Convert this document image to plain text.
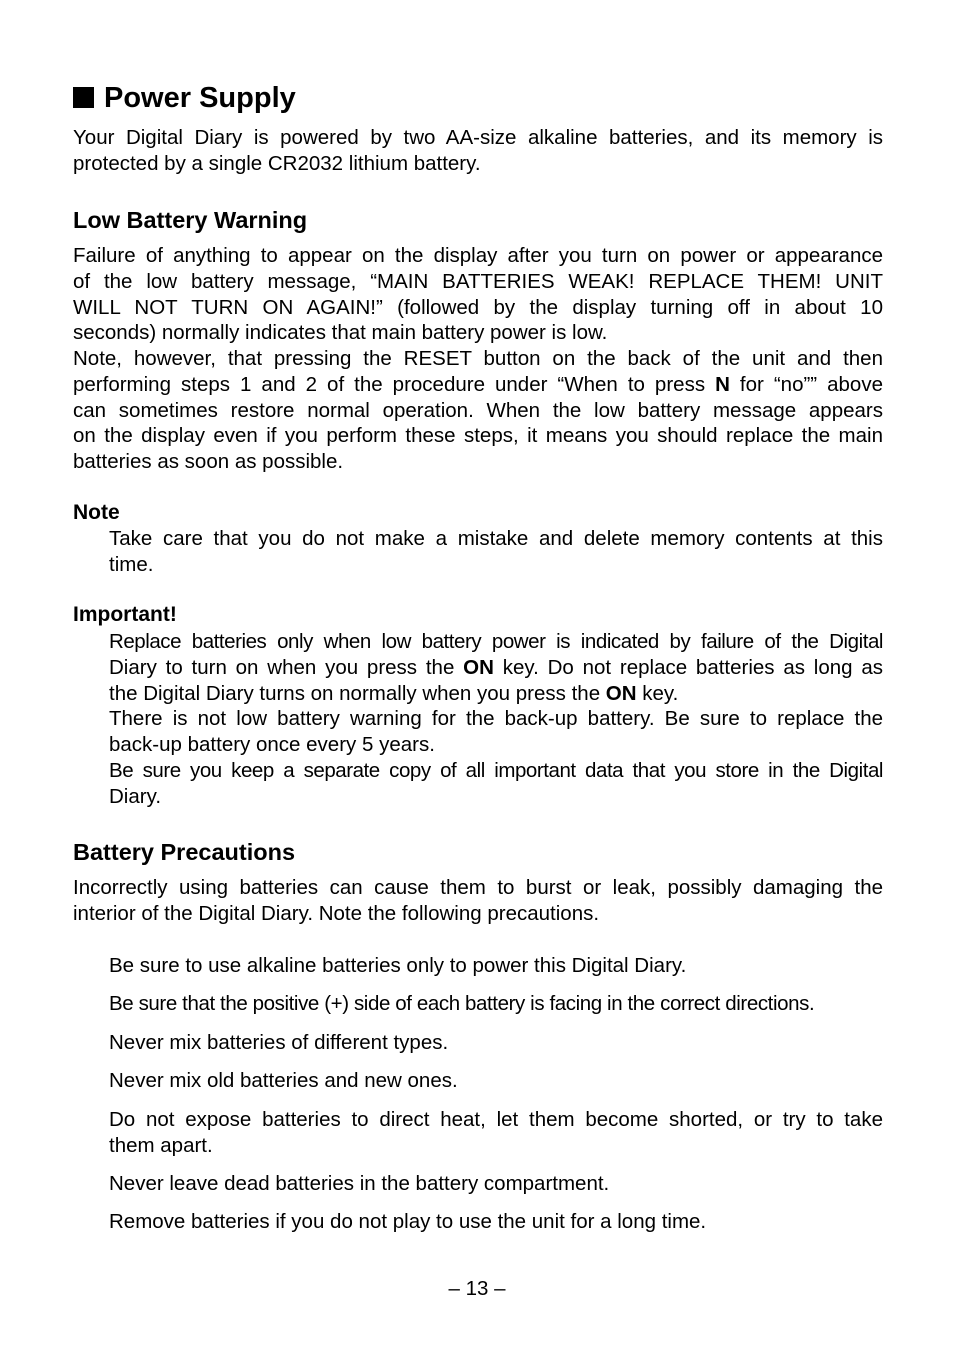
Power Supply
Your Digital Diary is powered by two AA-size alkaline batteries, and its memory is
protected by a single CR2032 lithium battery.
Low Battery Warning
Failure of anything to appear on the display after you turn on power or appearance
of the low battery message, “MAIN BATTERIES WEAK! REPLACE THEM! UNIT
WILL NOT TURN ON AGAIN!” (followed by the display turning off in about 10
seconds) normally indicates that main battery power is low.
Note, however, that pressing the RESET button on the back of the unit and then
performing steps 1 and 2 of the procedure under “When to press N for “no”” above
can sometimes restore normal operation. When the low battery message appears
on the display even if you perform these steps, it means you should replace the main
batteries as soon as possible.
Note
Take care that you do not make a mistake and delete memory contents at this
time.
Important!
Replace batteries only when low battery power is indicated by failure of the Digital
Diary to turn on when you press the ON key. Do not replace batteries as long as
the Digital Diary turns on normally when you press the ON key.
There is not low battery warning for the back-up battery. Be sure to replace the
back-up battery once every 5 years.
Be sure you keep a separate copy of all important data that you store in the Digital
Diary.
Battery Precautions
Incorrectly using batteries can cause them to burst or leak, possibly damaging the
interior of the Digital Diary. Note the following precautions.
Be sure to use alkaline batteries only to power this Digital Diary.
Be sure that the positive (+) side of each battery is facing in the correct directions.
Never mix batteries of different types.
Never mix old batteries and new ones.
Do not expose batteries to direct heat, let them become shorted, or try to take
them apart.
Never leave dead batteries in the battery compartment.
Remove batteries if you do not play to use the unit for a long time.
– 13 –
